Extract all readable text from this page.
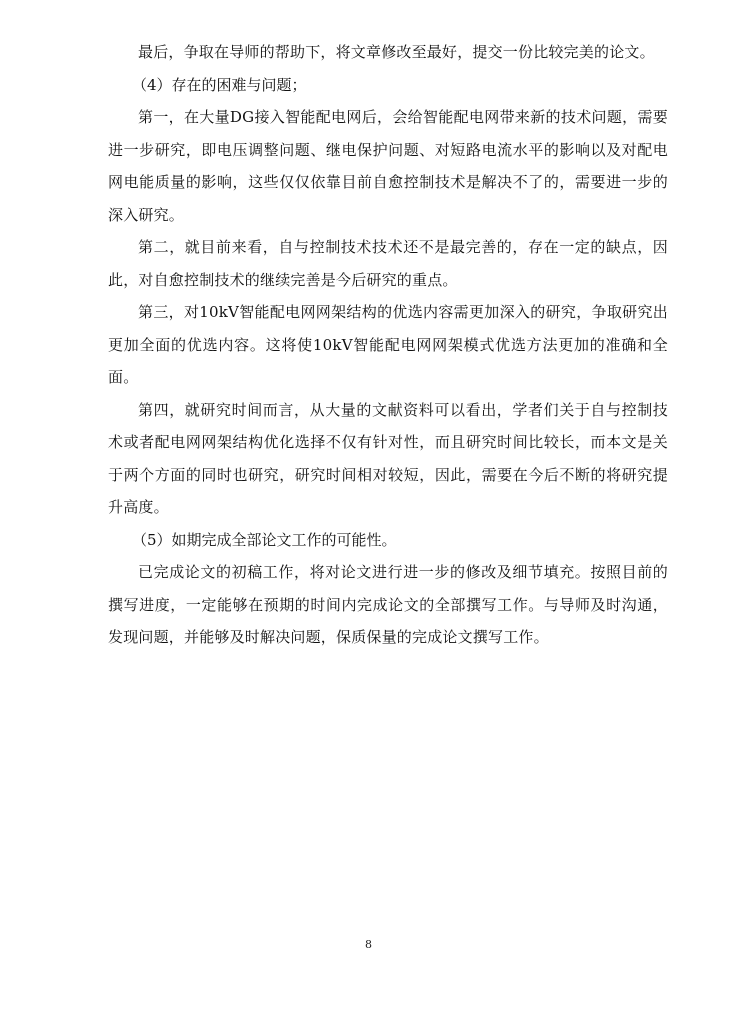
最后，争取在导师的帮助下，将文章修改至最好，提交一份比较完美的论文。

（4）存在的困难与问题；

第一，在大量DG接入智能配电网后，会给智能配电网带来新的技术问题，需要进一步研究，即电压调整问题、继电保护问题、对短路电流水平的影响以及对配电网电能质量的影响，这些仅仅依靠目前自愈控制技术是解决不了的，需要进一步的深入研究。

第二，就目前来看，自与控制技术技术还不是最完善的，存在一定的缺点，因此，对自愈控制技术的继续完善是今后研究的重点。

第三，对10kV智能配电网网架结构的优选内容需更加深入的研究，争取研究出更加全面的优选内容。这将使10kV智能配电网网架模式优选方法更加的准确和全面。

第四，就研究时间而言，从大量的文献资料可以看出，学者们关于自与控制技术或者配电网网架结构优化选择不仅有针对性，而且研究时间比较长，而本文是关于两个方面的同时也研究，研究时间相对较短，因此，需要在今后不断的将研究提升高度。

（5）如期完成全部论文工作的可能性。

已完成论文的初稿工作，将对论文进行进一步的修改及细节填充。按照目前的撰写进度，一定能够在预期的时间内完成论文的全部撰写工作。与导师及时沟通，发现问题，并能够及时解决问题，保质保量的完成论文撰写工作。

8
